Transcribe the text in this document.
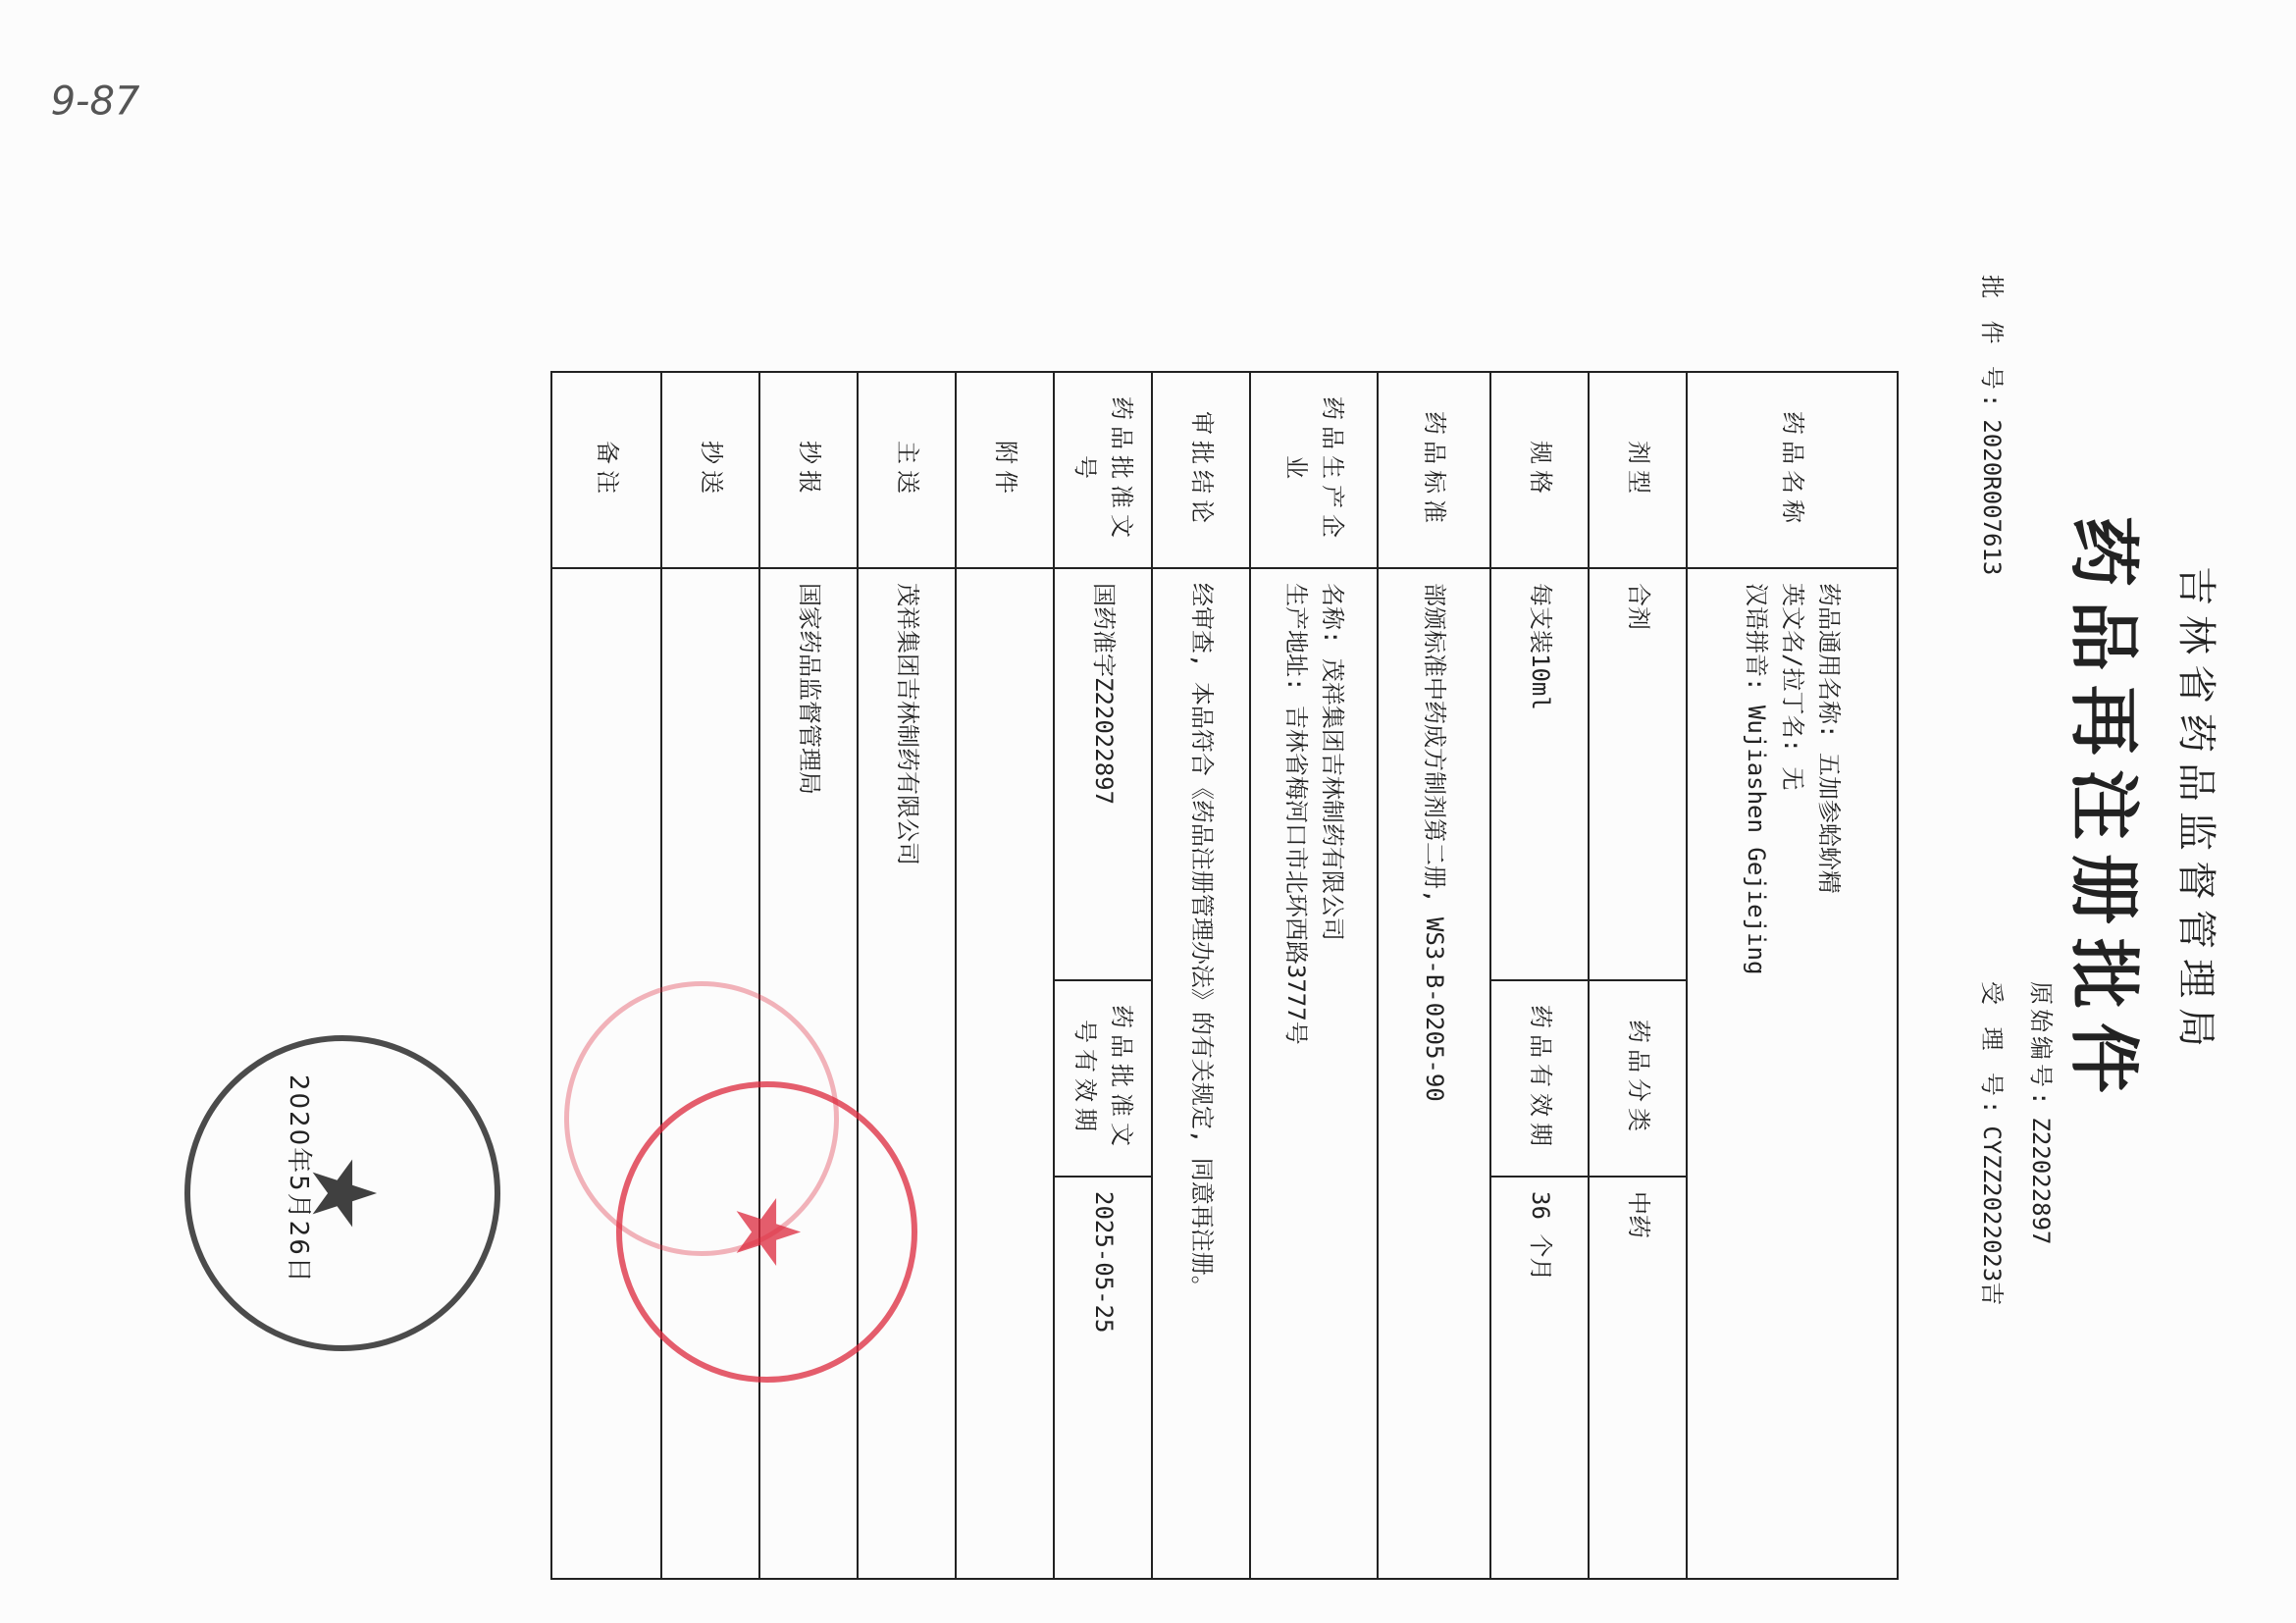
吉林省药品监督管理局
药品再注册批件
原始编号:Z22022897
受 理 号:CYZZ2022023吉
批 件 号:2020R007613
药品名称	药品通用名称: 五加参蛤蚧精
英文名/拉丁名: 无
汉语拼音: Wujiashen Gejiejing		

剂型	合剂	药品分类	中药
规格	每支装10ml	药品有效期	36 个月
药品标准	部颁标准中药成方制剂第二册, WS3-B-0205-90		
药品生产企业	名称: 茂祥集团吉林制药有限公司
生产地址: 吉林省梅河口市北环西路3777号		

审批结论	经审查, 本品符合《药品注册管理办法》的有关规定, 同意再注册。		
药品批准文号	国药准字Z22022897	药品批准文号有效期	2025-05-25
附件			
主送	茂祥集团吉林制药有限公司		
抄报	国家药品监督管理局		
抄送			
备注			
★
★
2020年5月26日
9-87
